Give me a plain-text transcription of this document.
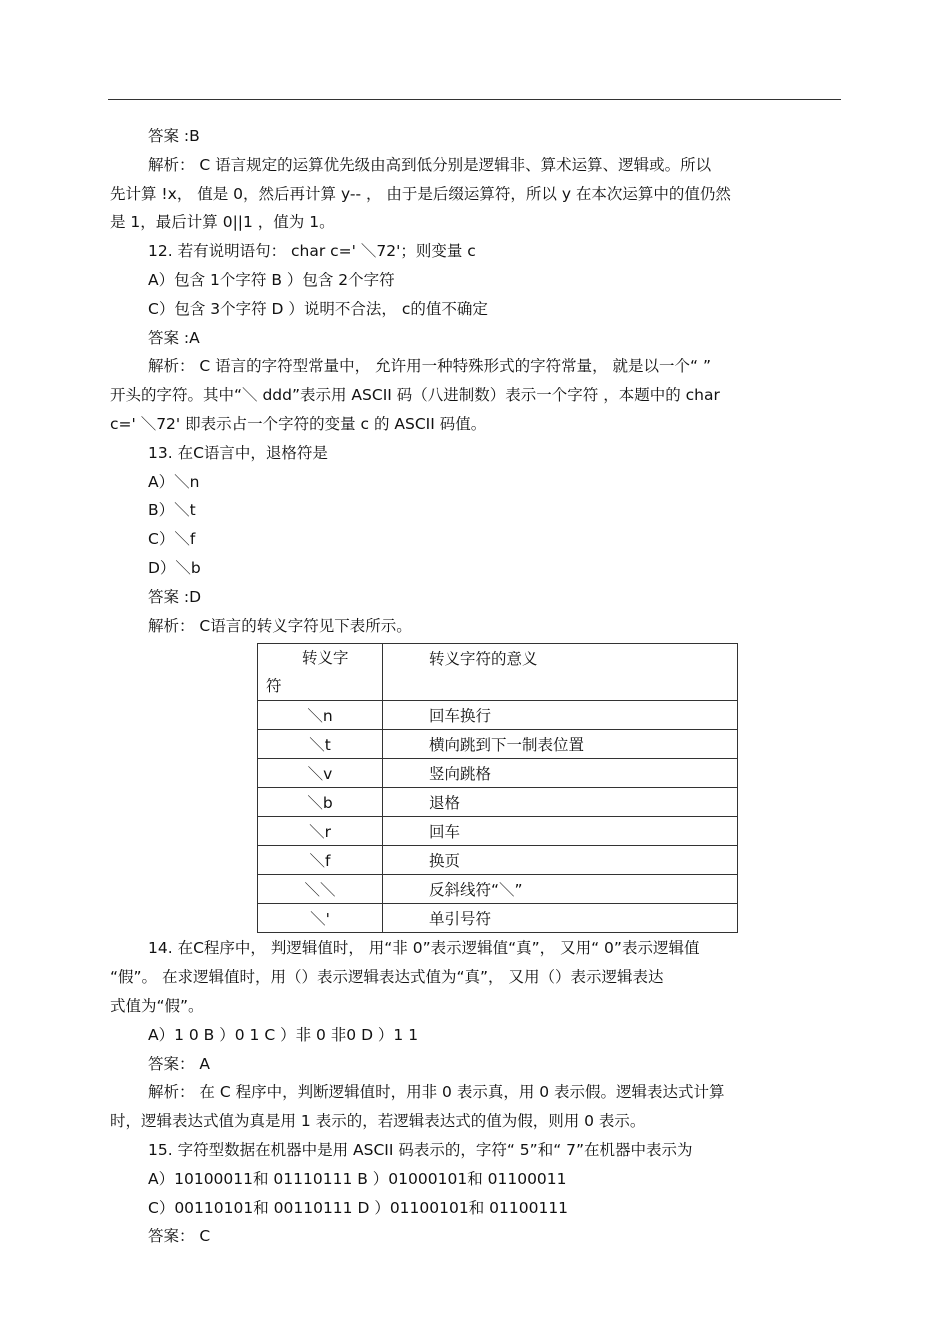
答案 :B
解析： C 语言规定的运算优先级由高到低分别是逻辑非、算术运算、逻辑或。所以
先计算 !x， 值是 0，然后再计算 y-- ， 由于是后缀运算符，所以 y 在本次运算中的值仍然
是 1，最后计算 0||1 ，值为 1。
12. 若有说明语句： char c=' ＼72'；则变量 c
A）包含 1个字符 B ）包含 2个字符
C）包含 3个字符 D ）说明不合法， c的值不确定
答案 :A
解析： C 语言的字符型常量中， 允许用一种特殊形式的字符常量， 就是以一个“ ”
开头的字符。其中“＼ ddd”表示用 ASCII 码（八进制数）表示一个字符 ，本题中的 char
c=' ＼72' 即表示占一个字符的变量 c 的 ASCII 码值。
13. 在C语言中，退格符是
A）＼n
B）＼t
C）＼f
D）＼b
答案 :D
解析： C语言的转义字符见下表所示。
转义字
符	转义字符的意义
＼n	回车换行
＼t	横向跳到下一制表位置
＼v	竖向跳格
＼b	退格
＼r	回车
＼f	换页
＼＼	反斜线符“＼”
＼'	单引号符
14. 在C程序中， 判逻辑值时， 用“非 0”表示逻辑值“真”， 又用“ 0”表示逻辑值
“假”。 在求逻辑值时，用（）表示逻辑表达式值为“真”， 又用（）表示逻辑表达
式值为“假”。
A）1 0 B ）0 1 C ）非 0 非0 D ）1 1
答案： A
解析： 在 C 程序中，判断逻辑值时，用非 0 表示真，用 0 表示假。逻辑表达式计算
时，逻辑表达式值为真是用 1 表示的，若逻辑表达式的值为假，则用 0 表示。
15. 字符型数据在机器中是用 ASCII 码表示的，字符“ 5”和“ 7”在机器中表示为
A）10100011和 01110111 B ）01000101和 01100011
C）00110101和 00110111 D ）01100101和 01100111
答案： C
